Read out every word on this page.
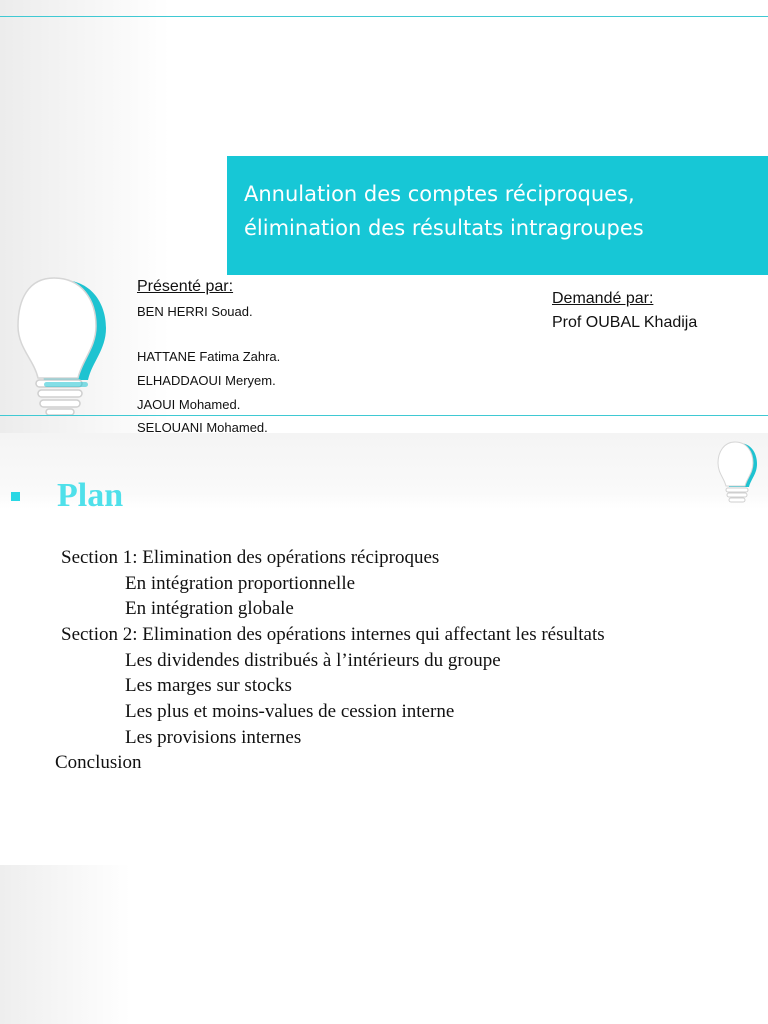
Annulation des comptes réciproques,
élimination des résultats intragroupes
Présenté par:
BEN HERRI Souad.
HATTANE Fatima Zahra.
ELHADDAOUI Meryem.
JAOUI Mohamed.
SELOUANI Mohamed.
Demandé par:
Prof OUBAL Khadija
Plan
Section 1: Elimination des opérations réciproques
En intégration proportionnelle
En intégration globale
Section 2: Elimination des opérations internes qui affectant les résultats
Les dividendes distribués à l’intérieurs du groupe
Les marges sur stocks
Les plus et moins-values de cession interne
Les provisions internes
Conclusion
